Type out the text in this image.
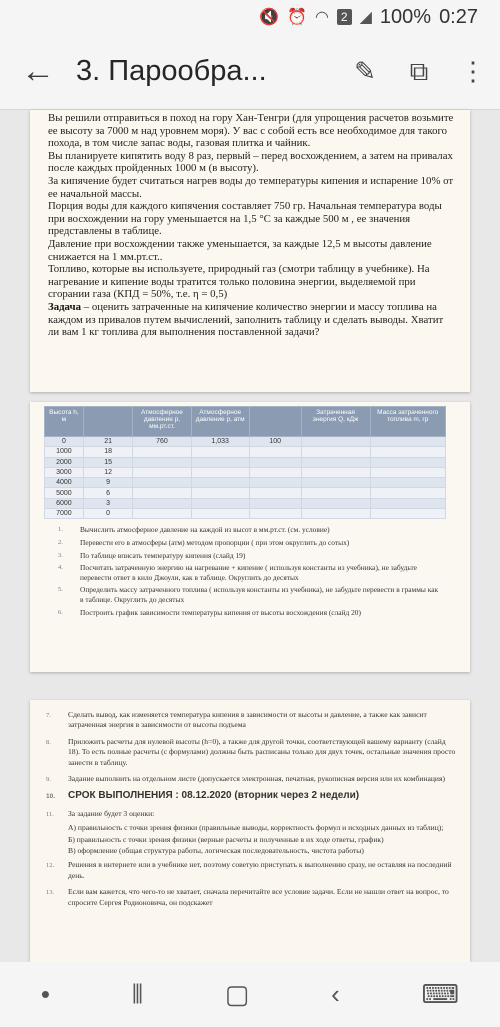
🔇 ⏰ ◠	2 ◢ 100% 0:27
← 3. Парообра...	✎	⧉	⋮

Вы решили отправиться в поход на гору Хан-Тенгри (для упрощения расчетов возьмите ее высоту за 7000 м над уровнем моря). У вас с собой есть все необходимое для такого похода, в том числе запас воды, газовая плитка и чайник.

Вы планируете кипятить воду 8 раз, первый – перед восхождением, а затем на привалах после каждых пройденных 1000 м (в высоту).

За кипячение будет считаться нагрев воды до температуры кипения и испарение 10% от ее начальной массы.

Порция воды для каждого кипячения составляет 750 гр. Начальная температура воды при восхождении на гору уменьшается на 1,5 °С за каждые 500 м , ее значения представлены в таблице.

Давление при восхождении также уменьшается, за каждые 12,5 м высоты давление снижается на 1 мм.рт.ст..

Топливо, которые вы используете, природный газ (смотри таблицу в учебнике). На нагревание и кипение воды тратится только половина энергии, выделяемой при сгорании газа (КПД = 50%, т.е. η = 0,5)

Задача – оценить затраченные на кипячение количество энергии и массу топлива на каждом из привалов путем вычислений, заполнить таблицу и сделать выводы. Хватит ли вам 1 кг топлива для выполнения поставленной задачи?

Высота h, м		Атмосферное давление p, мм.рт.ст.	Атмосферное давление p, атм		Затраченная энергия Q, кДж	Масса затраченного топлива m, гр
0	21	760	1,033	100		
1000	18					
2000	15					
3000	12					
4000	9					
5000	6					
6000	3					
7000	0					
1.	Вычислить атмосферное давление на каждой из высот в мм.рт.ст. (см. условие)
2.	Перевести его в атмосферы (атм) методом пропорции ( при этом округлить до сотых)
3.	По таблице вписать температуру кипения (слайд 19)
4.	Посчитать затраченную энергию на нагревание + кипение ( используя константы из учебника), не забудьте перевести ответ в кило Джоули, как в таблице. Округлить до десятых
5.	Определить массу затраченного топлива ( используя константы из учебника), не забудьте перевести в граммы как в таблице. Округлить до десятых
6.	Построить график зависимости температуры кипения от высоты восхождения (слайд 20)
7.	Сделать вывод, как изменяется температура кипения в зависимости от высоты и давление, а также как зависит затраченная энергия в зависимости от высоты подъема
8.	Приложить расчеты для нулевой высоты (h=0), а также для другой точки, соответствующей вашему варианту (слайд 18). То есть полные расчеты (с формулами) должны быть расписаны только для двух точек, остальные значения просто занести в таблицу.
9.	Задание выполнить на отдельном листе (допускается электронная, печатная, рукописная версия или их комбинация)
10.	СРОК ВЫПОЛНЕНИЯ : 08.12.2020 (вторник через 2 недели)
11.	За задание будет 3 оценки:
А) правильность с точки зрения физики (правильные выводы, корректность формул и исходных данных из таблиц);
Б) правильность с точки зрения физики (верные расчеты и полученные в их ходе ответы, график)
В) оформление (общая структура работы, логическая последовательность, чистота работы)
12.	Решения в интернете или в учебнике нет, поэтому советую приступать к выполнению сразу, не оставляя на последний день.
13.	Если вам кажется, что чего-то не хватает, сначала перечитайте все условие задачи. Если не нашли ответ на вопрос, то спросите Сергея Родионовича, он подскажет
•	⦀	▢	‹	⌨
